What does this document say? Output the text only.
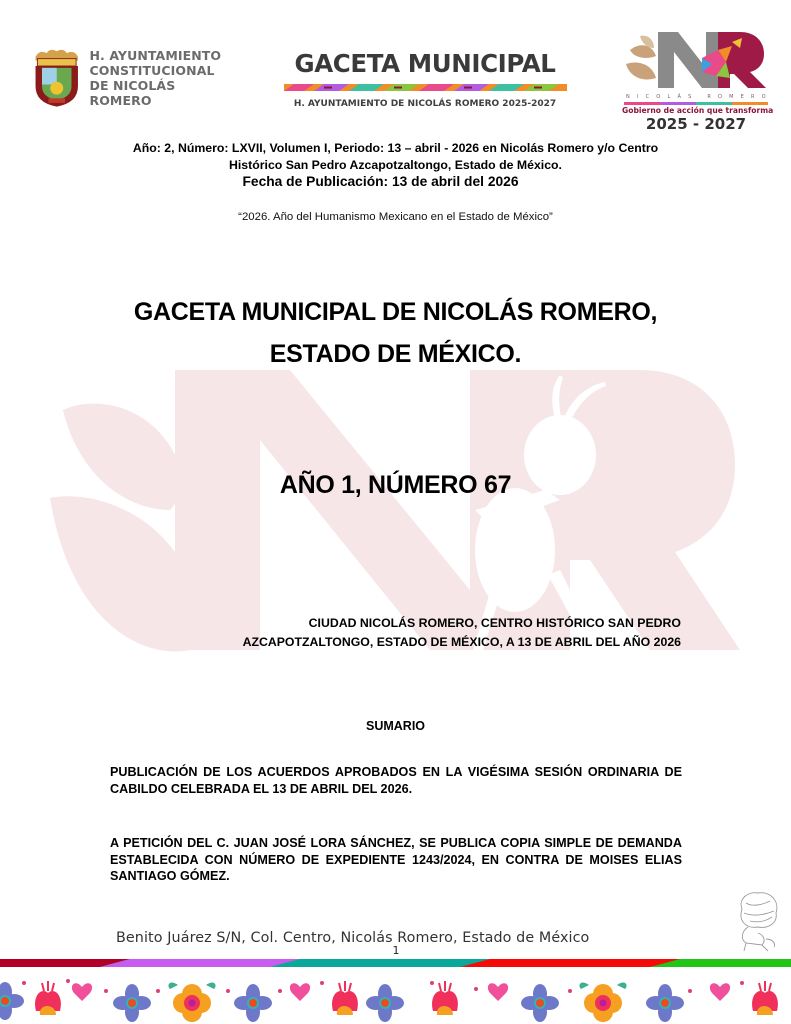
H. AYUNTAMIENTO
CONSTITUCIONAL
DE NICOLÁS ROMERO
GACETA MUNICIPAL
H. AYUNTAMIENTO DE NICOLÁS ROMERO 2025-2027
NICOLÁS ROMERO
Gobierno de acción que transforma
2025 - 2027
Año: 2, Número: LXVII, Volumen I, Periodo: 13 – abril - 2026 en Nicolás Romero y/o Centro
Histórico San Pedro Azcapotzaltongo, Estado de México.
Fecha de Publicación: 13 de abril del 2026
“2026. Año del Humanismo Mexicano en el Estado de México”
GACETA MUNICIPAL DE NICOLÁS ROMERO,
ESTADO DE MÉXICO.
AÑO 1, NÚMERO 67
CIUDAD NICOLÁS ROMERO, CENTRO HISTÓRICO SAN PEDRO
AZCAPOTZALTONGO, ESTADO DE MÉXICO, A 13 DE ABRIL DEL AÑO 2026
SUMARIO
PUBLICACIÓN DE LOS ACUERDOS APROBADOS EN LA VIGÉSIMA SESIÓN ORDINARIA DE CABILDO CELEBRADA EL 13 DE ABRIL DEL 2026.
A PETICIÓN DEL C. JUAN JOSÉ LORA SÁNCHEZ, SE PUBLICA COPIA SIMPLE DE DEMANDA ESTABLECIDA CON NÚMERO DE EXPEDIENTE 1243/2024, EN CONTRA DE MOISES ELIAS SANTIAGO GÓMEZ.
Benito Juárez S/N, Col. Centro, Nicolás Romero, Estado de México
1
